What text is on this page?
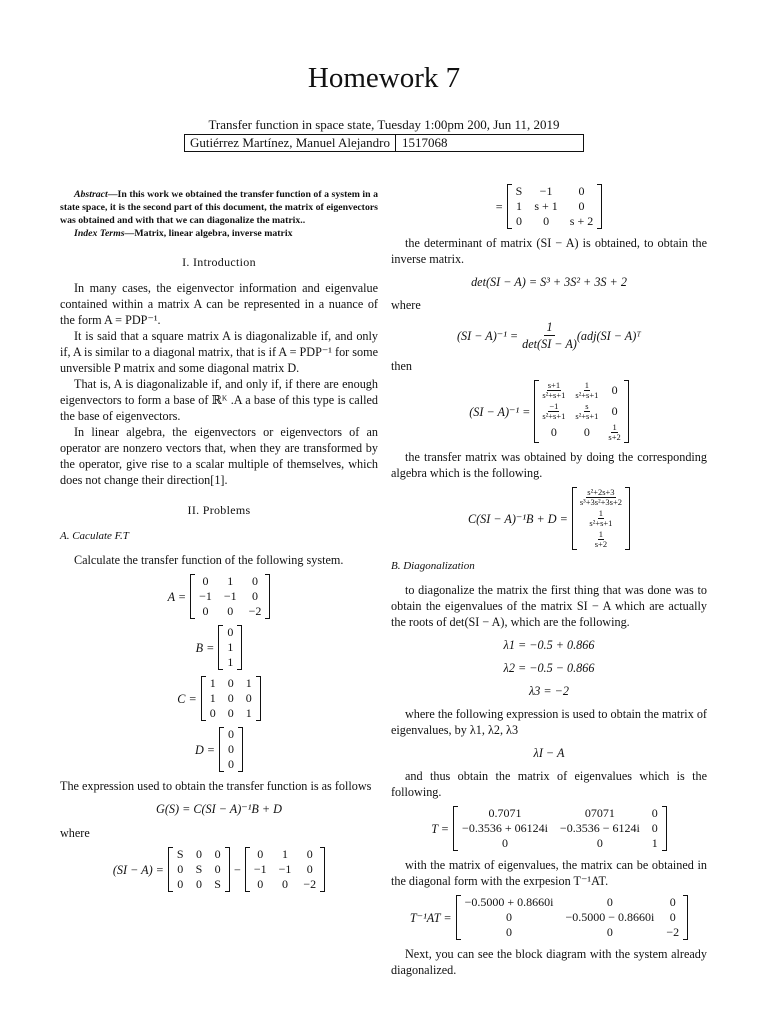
Homework 7
Transfer function in space state, Tuesday 1:00pm 200, Jun 11, 2019
Gutiérrez Martínez, Manuel Alejandro 1517068
Abstract—In this work we obtained the transfer function of a system in a state space, it is the second part of this document, the matrix of eigenvectors was obtained and with that we can diagonalize the matrix..
Index Terms—Matrix, linear algebra, inverse matrix
I. Introduction

In many cases, the eigenvector information and eigenvalue contained within a matrix A can be represented in a nuance of the form A = PDP⁻¹.

It is said that a square matrix A is diagonalizable if, and only if, A is similar to a diagonal matrix, that is if A = PDP⁻¹ for some unversible P matrix and some diagonal matrix D.

That is, A is diagonalizable if, and only if, if there are enough eigenvectors to form a base of ℝᴷ .A a base of this type is called the base of eigenvectors.

In linear algebra, the eigenvectors or eigenvectors of an operator are nonzero vectors that, when they are transformed by the operator, give rise to a scalar multiple of themselves, which does not change their direction[1].

II. Problems
A. Caculate F.T

Calculate the transfer function of the following system.

A =
0	1	0
−1	−1	0
0	0	−2
B =
0
1
1
C =
1	0	1
1	0	0
0	0	1
D =
0
0
0

The expression used to obtain the transfer function is as follows

G(S) = C(SI − A)⁻¹B + D

where

(SI − A) =
S	0	0
0	S	0
0	0	S
−
0	1	0
−1	−1	0
0	0	−2
=
S	−1	0
1	s + 1	0
0	0	s + 2

the determinant of matrix (SI − A) is obtained, to obtain the inverse matrix.

det(SI − A) = S³ + 3S² + 3S + 2

where

(SI − A)⁻¹ =
1
det(SI − A)
(adj(SI − A)ᵀ

then

(SI − A)⁻¹ =
$\frac{s+1}{\text{s²+s+1}}$	$\frac{1}{\text{s²+s+1}}$	0

$\frac{-1}{\text{s²+s+1}}$	$\frac{s}{\text{s²+s+1}}$	0
0	0	$\frac{1}{s+2}$

the transfer matrix was obtained by doing the corresponding algebra which is the following.

C(SI − A)⁻¹B + D =
$\frac{\text{s²+2s+3}}{\text{s³+3s²+3s+2}}$

$\frac{1}{\text{s²+s+1}}$

$\frac{1}{s+2}$
B. Diagonalization

to diagonalize the matrix the first thing that was done was to obtain the eigenvalues of the matrix SI − A which are actually the roots of det(SI − A), which are the following.

λ1 = −0.5 + 0.866
λ2 = −0.5 − 0.866
λ3 = −2

where the following expression is used to obtain the matrix of eigenvalues, by λ1, λ2, λ3

λI − A

and thus obtain the matrix of eigenvalues which is the following.

T =
0.7071	07071	0
−0.3536 + 06124i	−0.3536 − 6124i	0
0	0	1

with the matrix of eigenvalues, the matrix can be obtained in the diagonal form with the exrpesion T⁻¹AT.

T⁻¹AT =
−0.5000 + 0.8660i	0	0
0	−0.5000 − 0.8660i	0
0	0	−2

Next, you can see the block diagram with the system already diagonalized.
